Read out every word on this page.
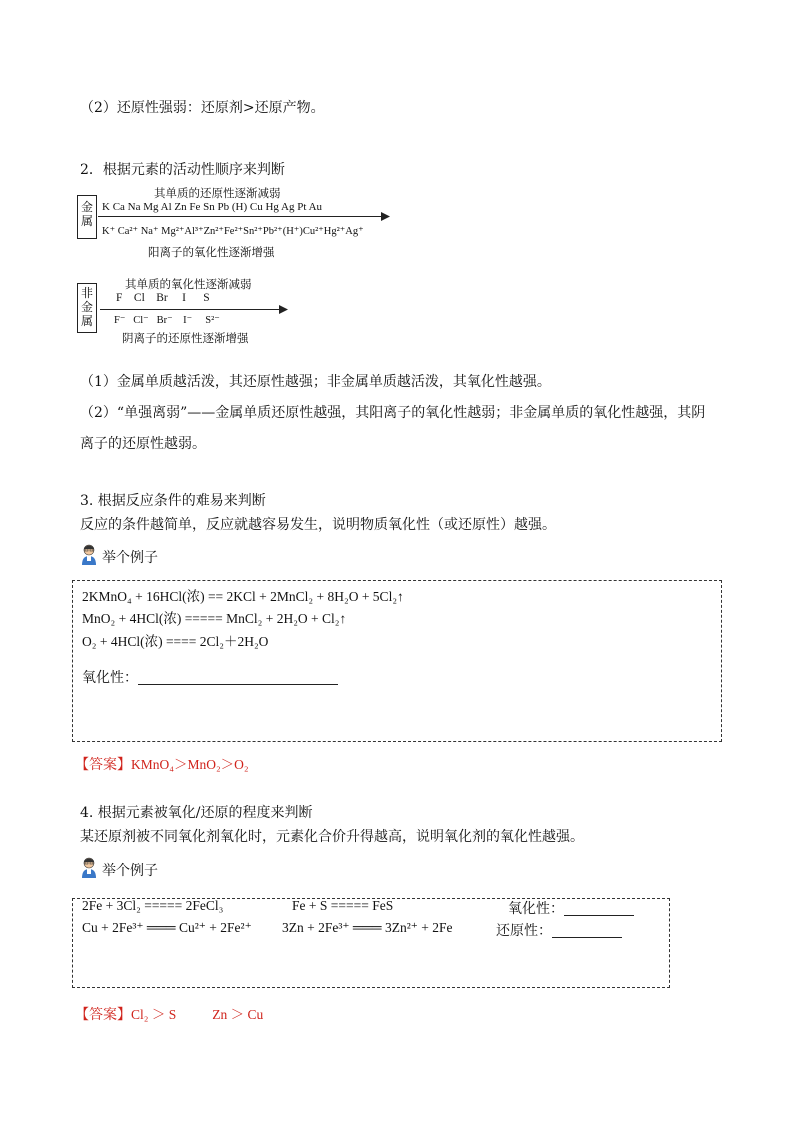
（2）还原性强弱：还原剂>还原产物。
2．根据元素的活动性顺序来判断
金属
其单质的还原性逐渐减弱
K Ca Na Mg Al Zn Fe Sn Pb (H) Cu Hg Ag Pt Au
K⁺ Ca²⁺ Na⁺ Mg²⁺Al³⁺Zn²⁺Fe²⁺Sn²⁺Pb²⁺(H⁺)Cu²⁺Hg²⁺Ag⁺
阳离子的氧化性逐渐增强
非金属
其单质的氧化性逐渐减弱
F    Cl    Br     I      S
F⁻   Cl⁻   Br⁻    I⁻     S²⁻
阴离子的还原性逐渐增强
（1）金属单质越活泼，其还原性越强；非金属单质越活泼，其氧化性越强。
（2）“单强离弱”——金属单质还原性越强，其阳离子的氧化性越弱；非金属单质的氧化性越强，其阴
离子的还原性越弱。
3. 根据反应条件的难易来判断
反应的条件越简单，反应就越容易发生，说明物质氧化性（或还原性）越强。
举个例子
2KMnO₄ + 16HCl(浓) == 2KCl + 2MnCl₂ + 8H₂O + 5Cl₂↑
MnO₂ + 4HCl(浓) ===== MnCl₂ + 2H₂O + Cl₂↑
O₂ + 4HCl(浓) ==== 2Cl₂＋2H₂O
氧化性：
【答案】KMnO₄＞MnO₂＞O₂
4. 根据元素被氧化/还原的程度来判断
某还原剂被不同氧化剂氧化时，元素化合价升得越高，说明氧化剂的氧化性越强。
举个例子
2Fe + 3Cl₂ ===== 2FeCl₃	Fe + S ===== FeS	氧化性：
Cu + 2Fe³⁺ ═══ Cu²⁺ + 2Fe²⁺ 3Zn + 2Fe³⁺ ═══ 3Zn²⁺ + 2Fe	还原性：
【答案】Cl₂ ＞ S	Zn ＞ Cu
